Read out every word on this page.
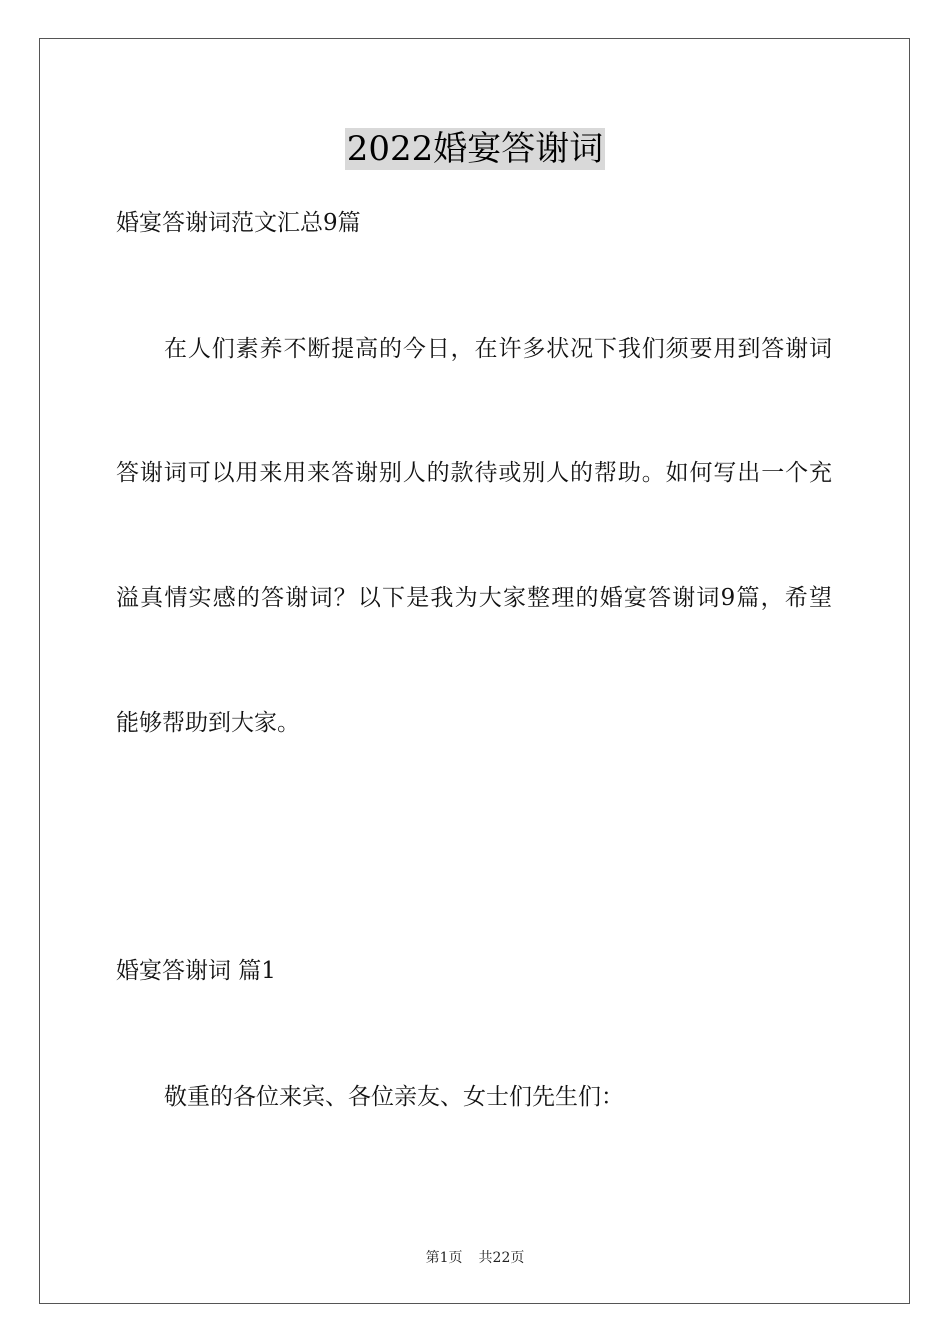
2022婚宴答谢词
婚宴答谢词范文汇总9篇
在人们素养不断提高的今日，在许多状况下我们须要用到答谢词
答谢词可以用来用来答谢别人的款待或别人的帮助。如何写出一个充
溢真情实感的答谢词？以下是我为大家整理的婚宴答谢词9篇，希望
能够帮助到大家。
婚宴答谢词 篇1
敬重的各位来宾、各位亲友、女士们先生们：
第1页 共22页
